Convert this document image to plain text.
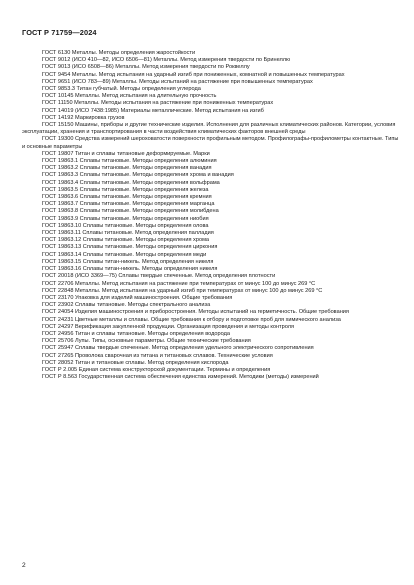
ГОСТ Р 71759—2024

ГОСТ 6130 Металлы. Методы определения жаростойкости

ГОСТ 9012 (ИСО 410—82, ИСО 6506—81) Металлы. Метод измерения твердости по Бринеллю

ГОСТ 9013 (ИСО 6508—86) Металлы. Метод измерения твердости по Роквеллу

ГОСТ 9454 Металлы. Метод испытания на ударный изгиб при пониженных, комнатной и повышенных температурах

ГОСТ 9651 (ИСО 783—89) Металлы. Методы испытаний на растяжение при повышенных температурах

ГОСТ 9853.3 Титан губчатый. Методы определения углерода

ГОСТ 10145 Металлы. Метод испытания на длительную прочность

ГОСТ 11150 Металлы. Методы испытания на растяжение при пониженных температурах

ГОСТ 14019 (ИСО 7438:1985) Материалы металлические. Метод испытания на изгиб

ГОСТ 14192 Маркировка грузов

ГОСТ 15150 Машины, приборы и другие технические изделия. Исполнения для различных климатических районов. Категории, условия эксплуатации, хранения и транспортирования в части воздействия климатических факторов внешней среды

ГОСТ 19300 Средства измерений шероховатости поверхности профильным методом. Профилографы-профилометры контактные. Типы и основные параметры

ГОСТ 19807 Титан и сплавы титановые деформируемые. Марки

ГОСТ 19863.1 Сплавы титановые. Методы определения алюминия

ГОСТ 19863.2 Сплавы титановые. Методы определения ванадия

ГОСТ 19863.3 Сплавы титановые. Методы определения хрома и ванадия

ГОСТ 19863.4 Сплавы титановые. Методы определения вольфрама

ГОСТ 19863.5 Сплавы титановые. Методы определения железа

ГОСТ 19863.6 Сплавы титановые. Методы определения кремния

ГОСТ 19863.7 Сплавы титановые. Методы определения марганца

ГОСТ 19863.8 Сплавы титановые. Методы определения молибдена

ГОСТ 19863.9 Сплавы титановые. Методы определения ниобия

ГОСТ 19863.10 Сплавы титановые. Методы определения олова

ГОСТ 19863.11 Сплавы титановые. Метод определения палладия

ГОСТ 19863.12 Сплавы титановые. Методы определения хрома

ГОСТ 19863.13 Сплавы титановые. Методы определения циркония

ГОСТ 19863.14 Сплавы титановые. Методы определения меди

ГОСТ 19863.15 Сплавы титан-никель. Метод определения никеля

ГОСТ 19863.16 Сплавы титан-никель. Методы определения никеля

ГОСТ 20018 (ИСО 3369—75) Сплавы твердые спеченные. Метод определения плотности

ГОСТ 22706 Металлы. Метод испытания на растяжение при температурах от минус 100 до минус 269 °C

ГОСТ 22848 Металлы. Метод испытания на ударный изгиб при температурах от минус 100 до минус 269 °C

ГОСТ 23170 Упаковка для изделий машиностроения. Общие требования

ГОСТ 23902 Сплавы титановые. Методы спектрального анализа

ГОСТ 24054 Изделия машиностроения и приборостроения. Методы испытаний на герметичность. Общие требования

ГОСТ 24231 Цветные металлы и сплавы. Общие требования к отбору и подготовке проб для химического анализа

ГОСТ 24297 Верификация закупленной продукции. Организация проведения и методы контроля

ГОСТ 24956 Титан и сплавы титановые. Методы определения водорода

ГОСТ 25706 Лупы. Типы, основные параметры. Общие технические требования

ГОСТ 25947 Сплавы твердые спеченные. Метод определения удельного электрического сопротивления

ГОСТ 27265 Проволока сварочная из титана и титановых сплавов. Технические условия

ГОСТ 28052 Титан и титановые сплавы. Метод определения кислорода

ГОСТ Р 2.005 Единая система конструкторской документации. Термины и определения

ГОСТ Р 8.563 Государственная система обеспечения единства измерений. Методики (методы) измерений

2
